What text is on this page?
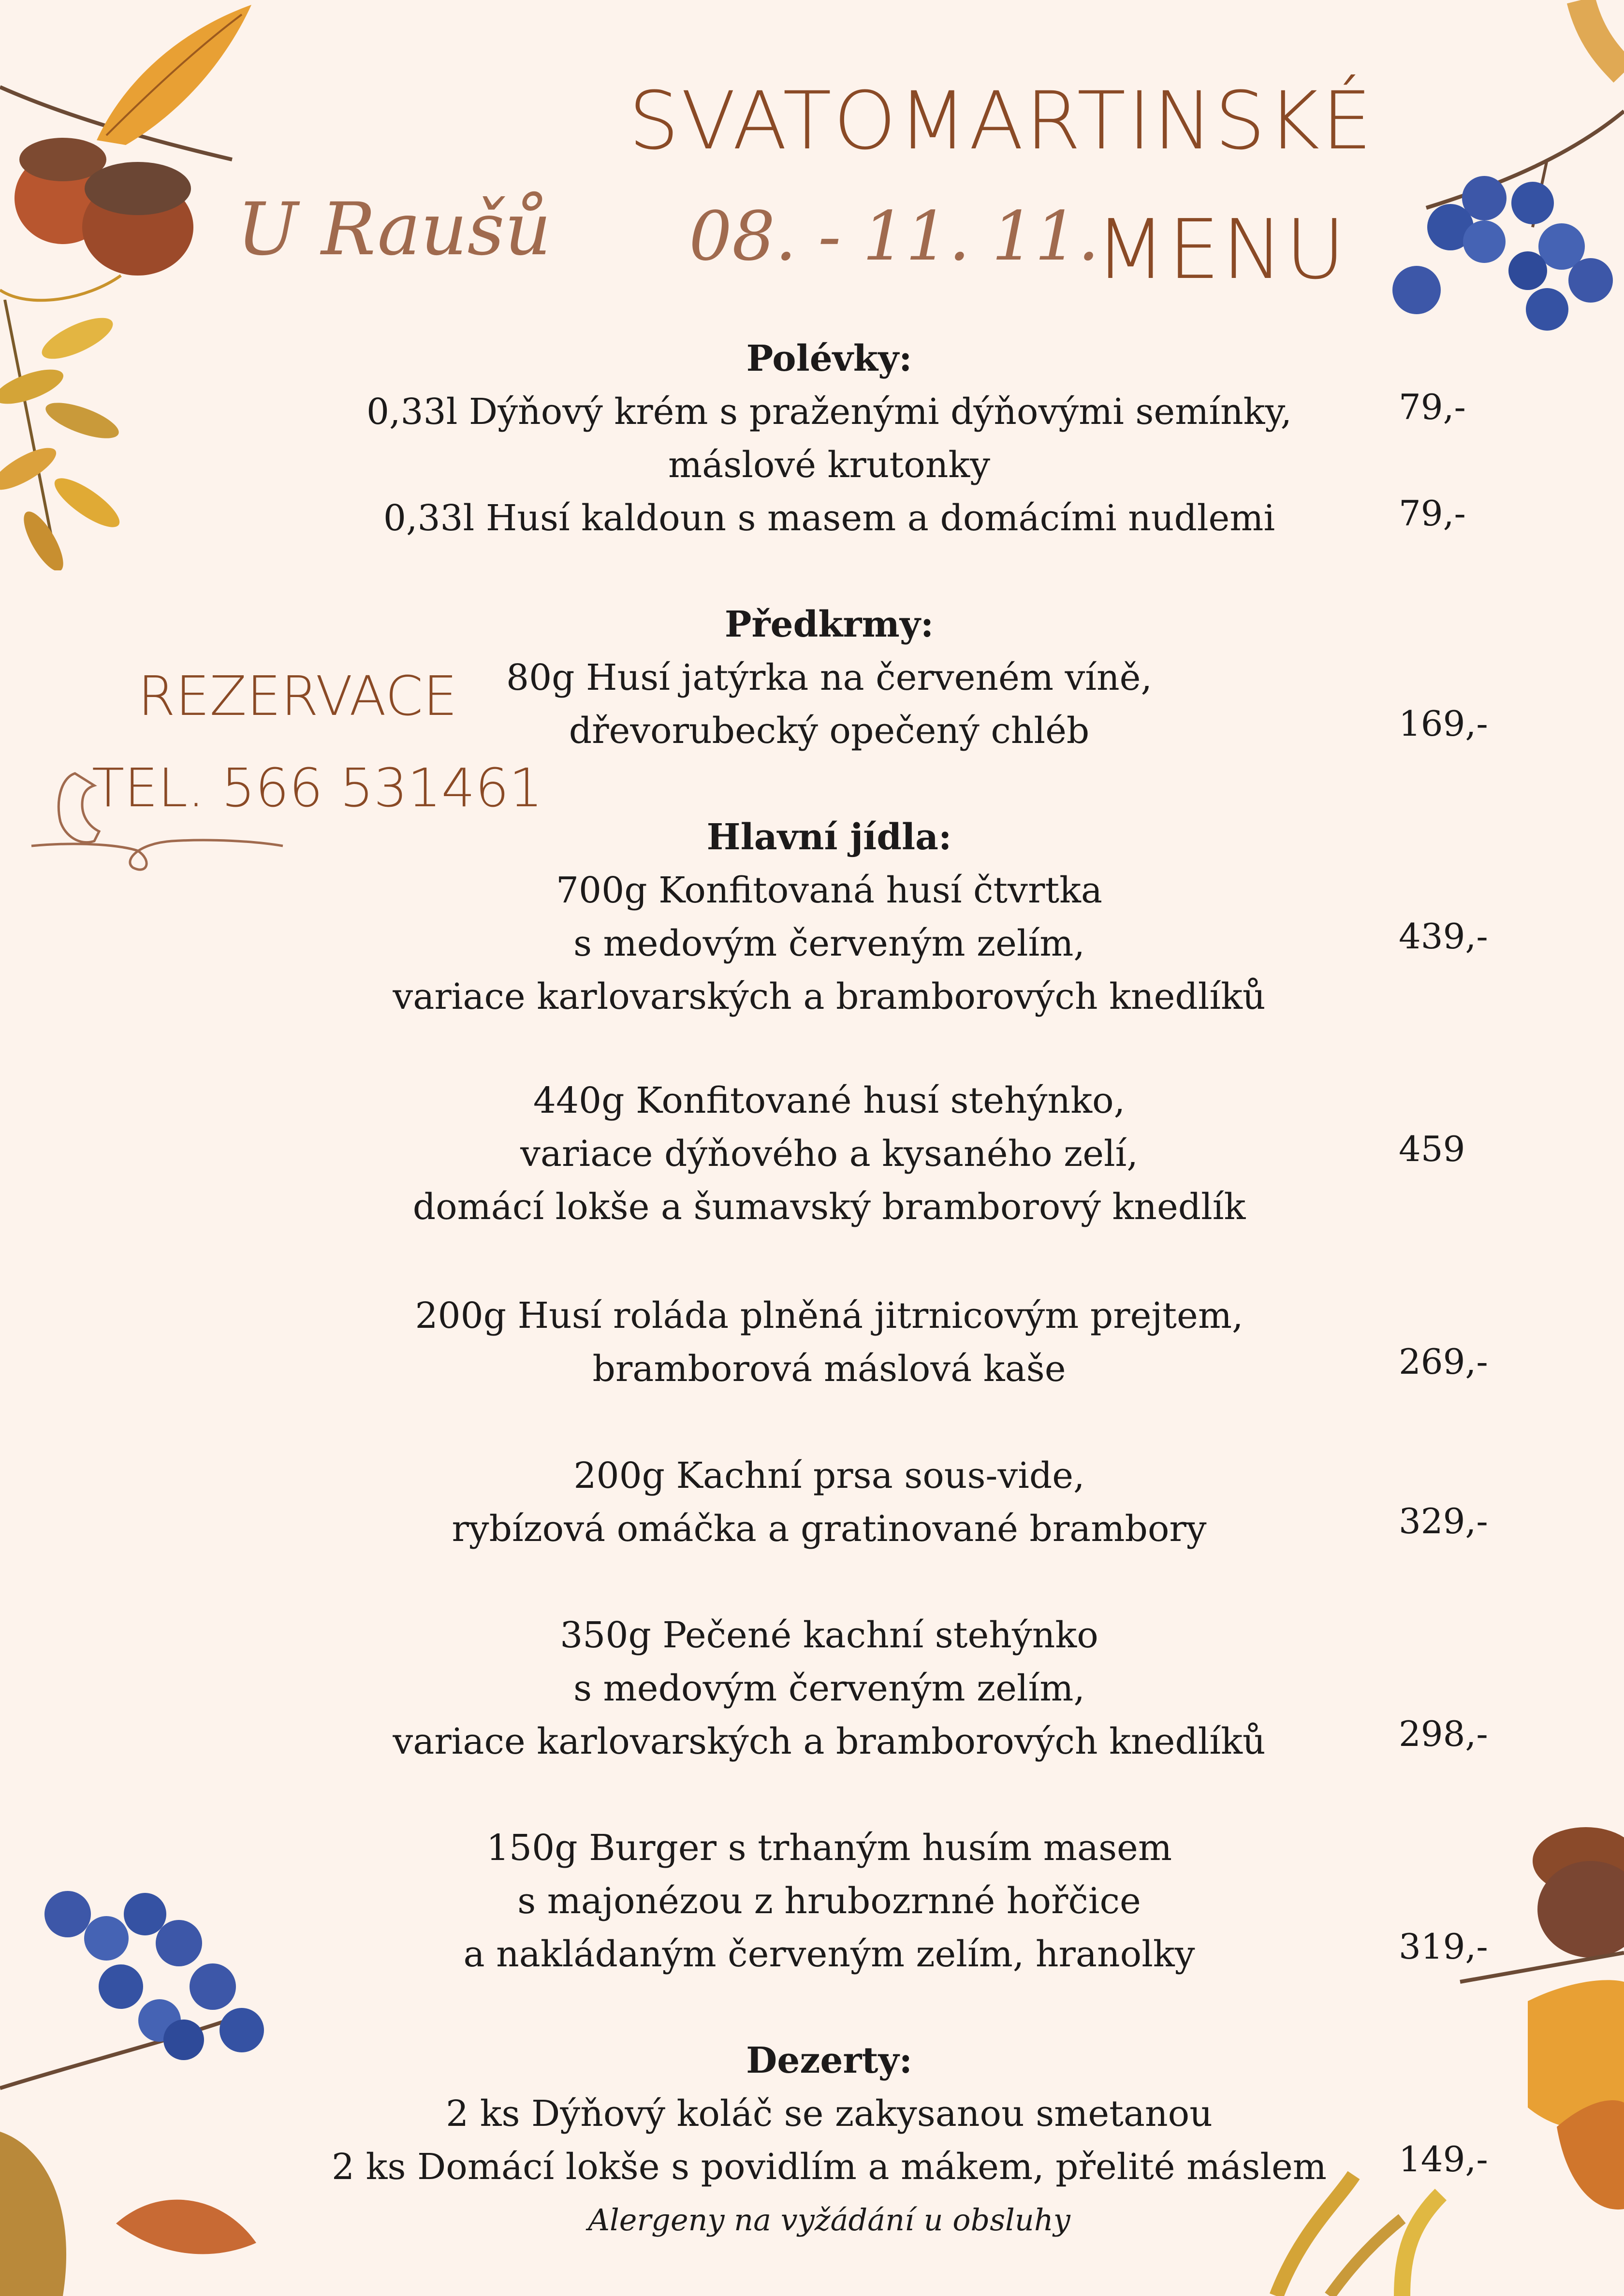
SVATOMARTINSKÉ
MENU
U Raušů 08. - 11. 11.
REZERVACE
TEL. 566 531461
Polévky:
0,33l Dýňový krém s praženými dýňovými semínky,
máslové krutonky
0,33l Husí kaldoun s masem a domácími nudlemi
Předkrmy:
80g Husí jatýrka na červeném víně,
dřevorubecký opečený chléb
Hlavní jídla:
700g Konfitovaná husí čtvrtka
s medovým červeným zelím,
variace karlovarských a bramborových knedlíků
440g Konfitované husí stehýnko,
variace dýňového a kysaného zelí,
domácí lokše a šumavský bramborový knedlík
200g Husí roláda plněná jitrnicovým prejtem,
bramborová máslová kaše
200g Kachní prsa sous-vide,
rybízová omáčka a gratinované brambory
350g Pečené kachní stehýnko
s medovým červeným zelím,
variace karlovarských a bramborových knedlíků
150g Burger s trhaným husím masem
s majonézou z hrubozrnné hořčice
a nakládaným červeným zelím, hranolky
Dezerty:
2 ks Dýňový koláč se zakysanou smetanou
2 ks Domácí lokše s povidlím a mákem, přelité máslem
Alergeny na vyžádání u obsluhy
79,-
79,-
169,-
439,-
459
269,-
329,-
298,-
319,-
149,-
